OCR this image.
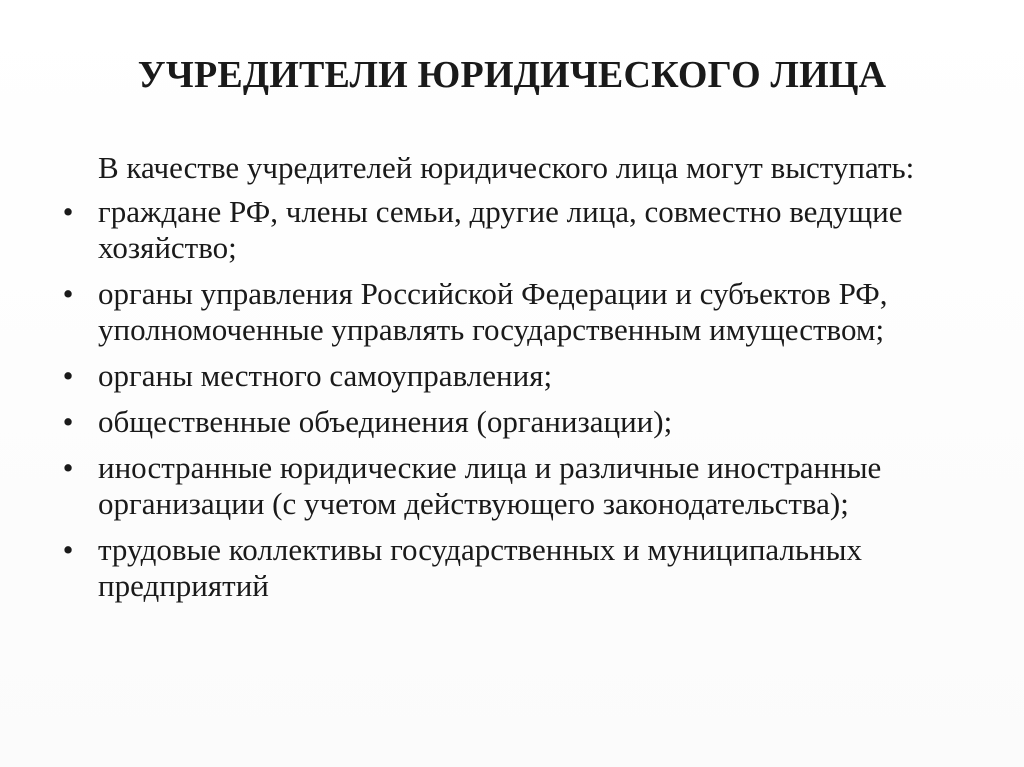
УЧРЕДИТЕЛИ ЮРИДИЧЕСКОГО ЛИЦА
В качестве учредителей юридического лица могут выступать:
• граждане РФ, члены семьи, другие лица, совместно ведущие хозяйство;
• органы управления Российской Федерации и субъектов РФ, уполномоченные управлять государственным имуществом;
• органы местного самоуправления;
• общественные объединения (организации);
• иностранные юридические лица и различные иностранные организации (с учетом действующего законодательства);
• трудовые коллективы государственных и муниципальных предприятий
